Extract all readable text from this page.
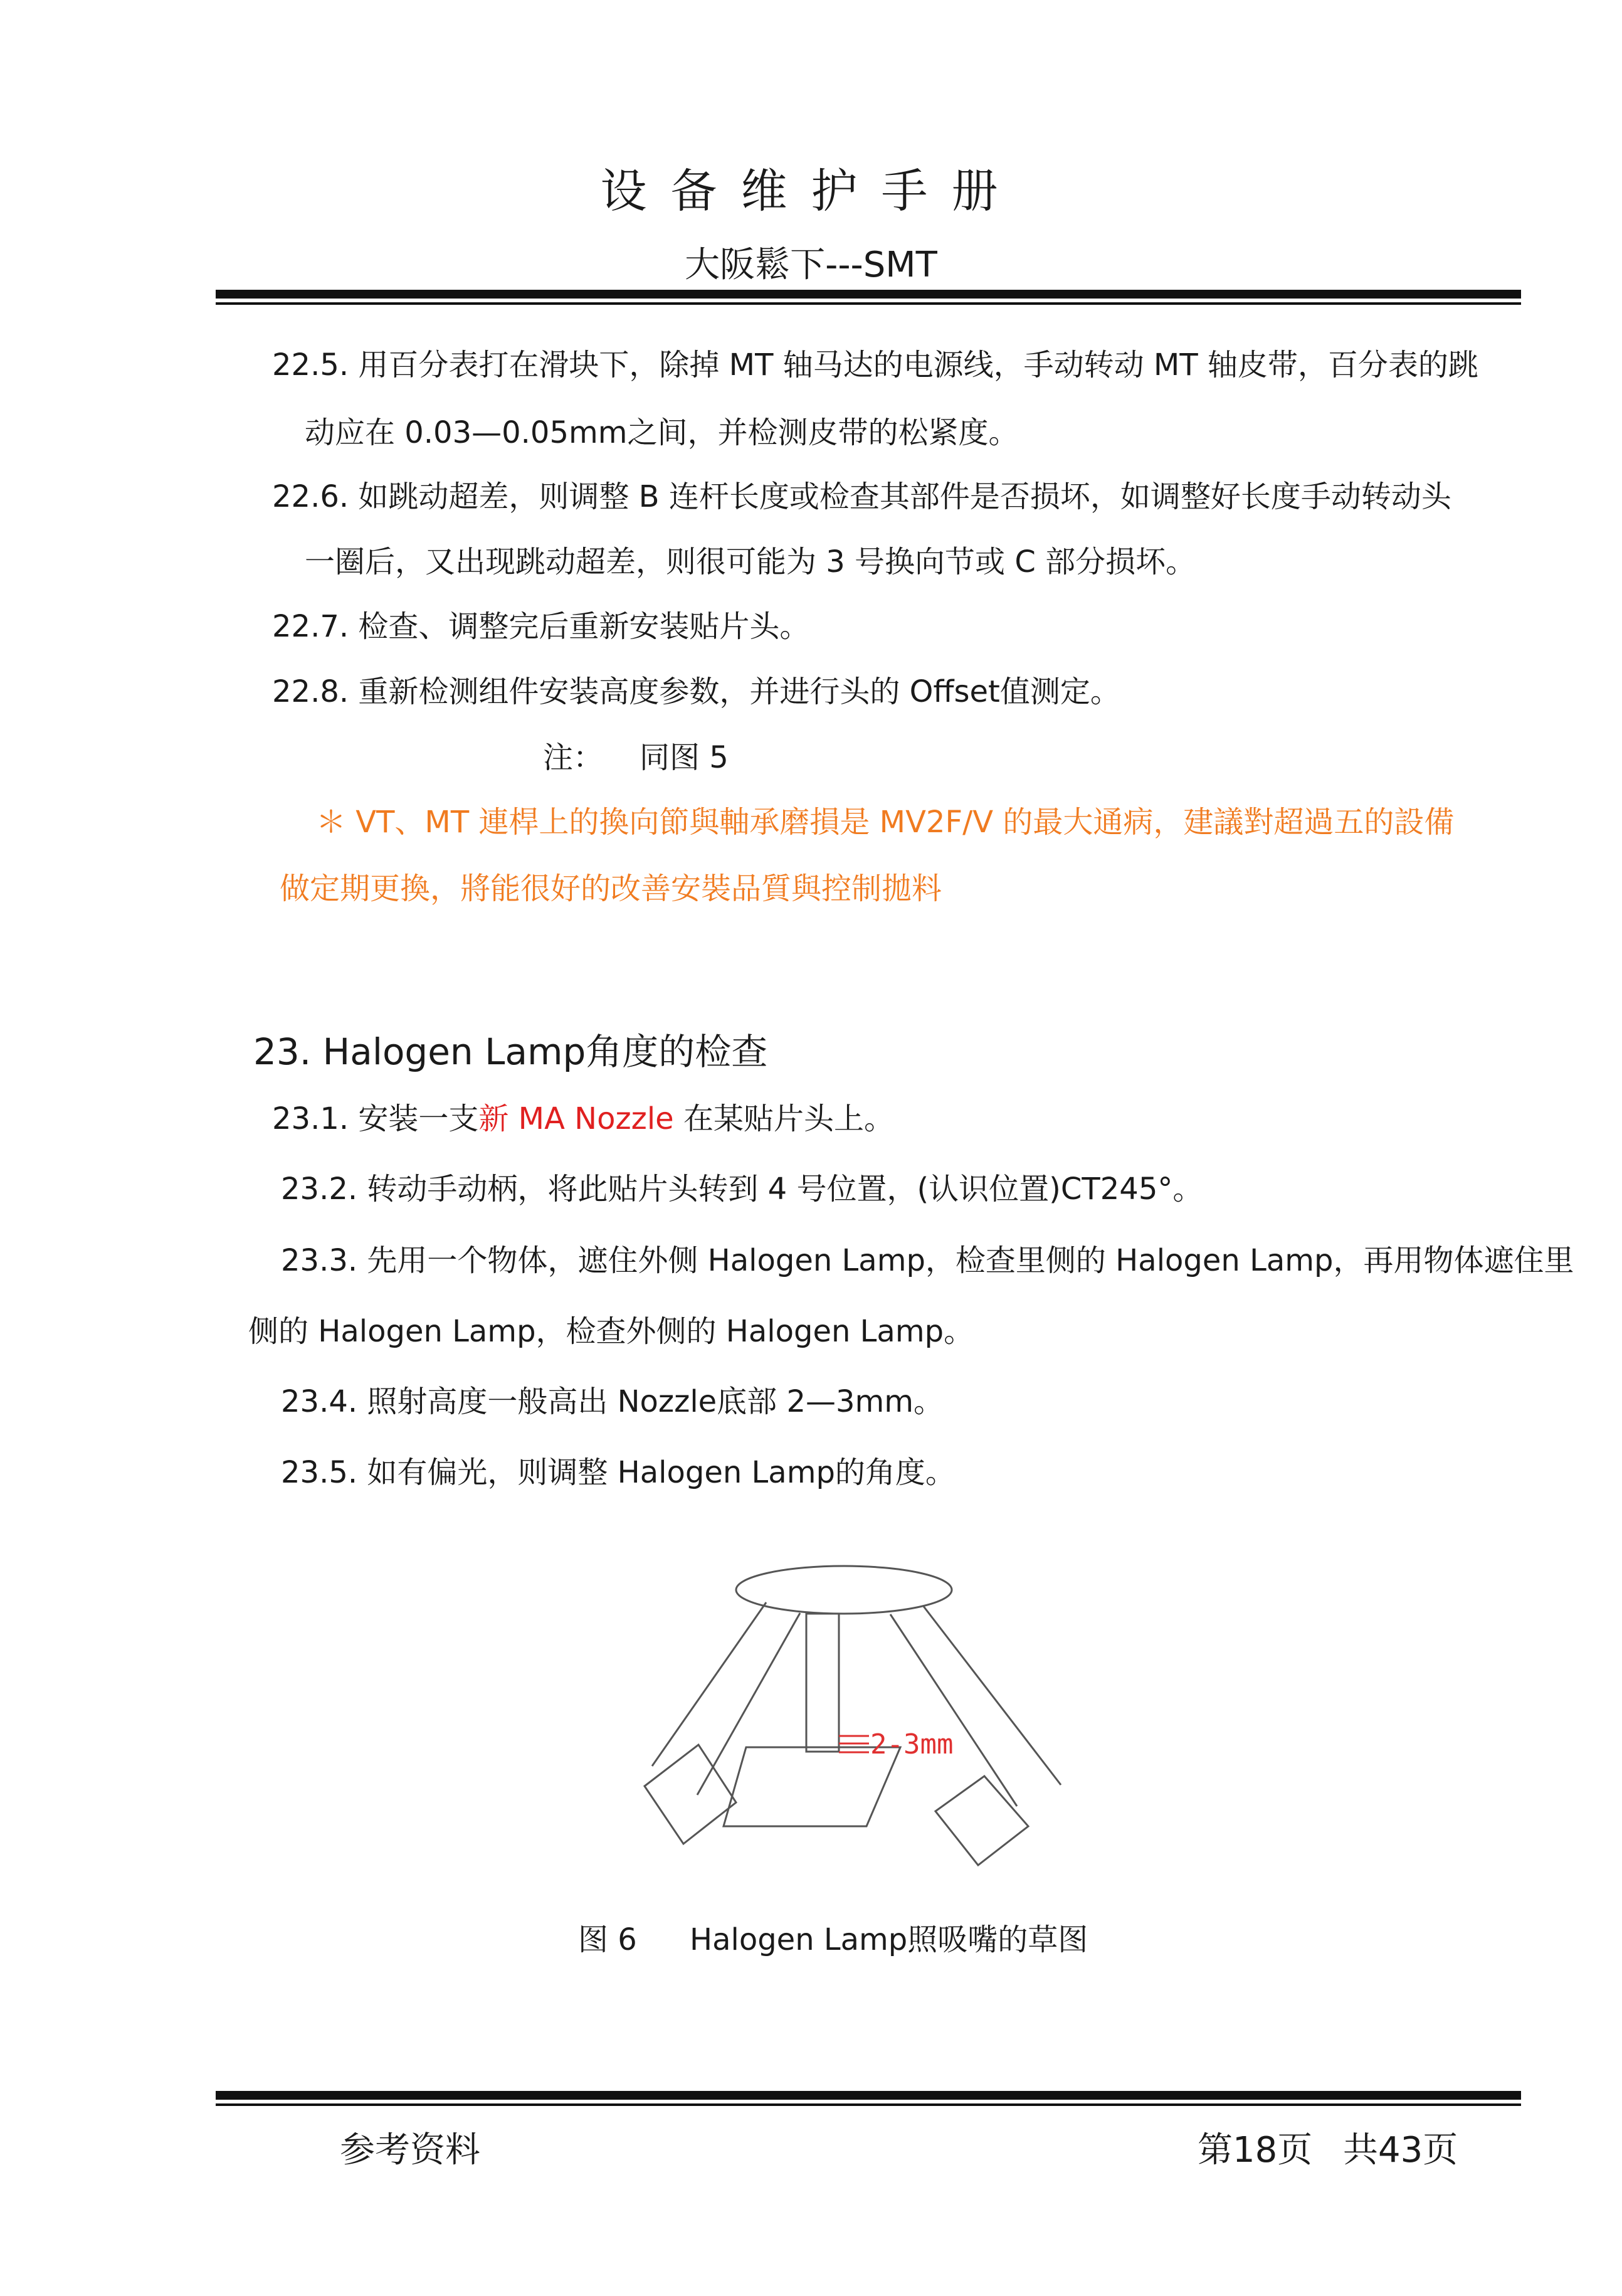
设备维护手册
大阪鬆下---SMT
22.5. 用百分表打在滑块下，除掉 MT 轴马达的电源线，手动转动 MT 轴皮带，百分表的跳
动应在 0.03—0.05mm之间，并检测皮带的松紧度。
22.6. 如跳动超差，则调整 B 连杆长度或检查其部件是否损坏，如调整好长度手动转动头
一圈后，又出现跳动超差，则很可能为 3 号换向节或 C 部分损坏。
22.7. 检查、调整完后重新安装贴片头。
22.8. 重新检测组件安装高度参数，并进行头的 Offset值测定。
注： 同图 5
＊ VT、MT 連桿上的換向節與軸承磨損是 MV2F/V 的最大通病，建議對超過五的設備
做定期更換，將能很好的改善安裝品質與控制拋料
23. Halogen Lamp角度的检查
23.1. 安装一支新 MA Nozzle 在某贴片头上。
23.2. 转动手动柄，将此贴片头转到 4 号位置，(认识位置)CT245°。
23.3. 先用一个物体，遮住外侧 Halogen Lamp，检查里侧的 Halogen Lamp，再用物体遮住里
侧的 Halogen Lamp，检查外侧的 Halogen Lamp。
23.4. 照射高度一般高出 Nozzle底部 2—3mm。
23.5. 如有偏光，则调整 Halogen Lamp的角度。
2-3mm
图 6 Halogen Lamp照吸嘴的草图
参考资料	第18页 共43页
